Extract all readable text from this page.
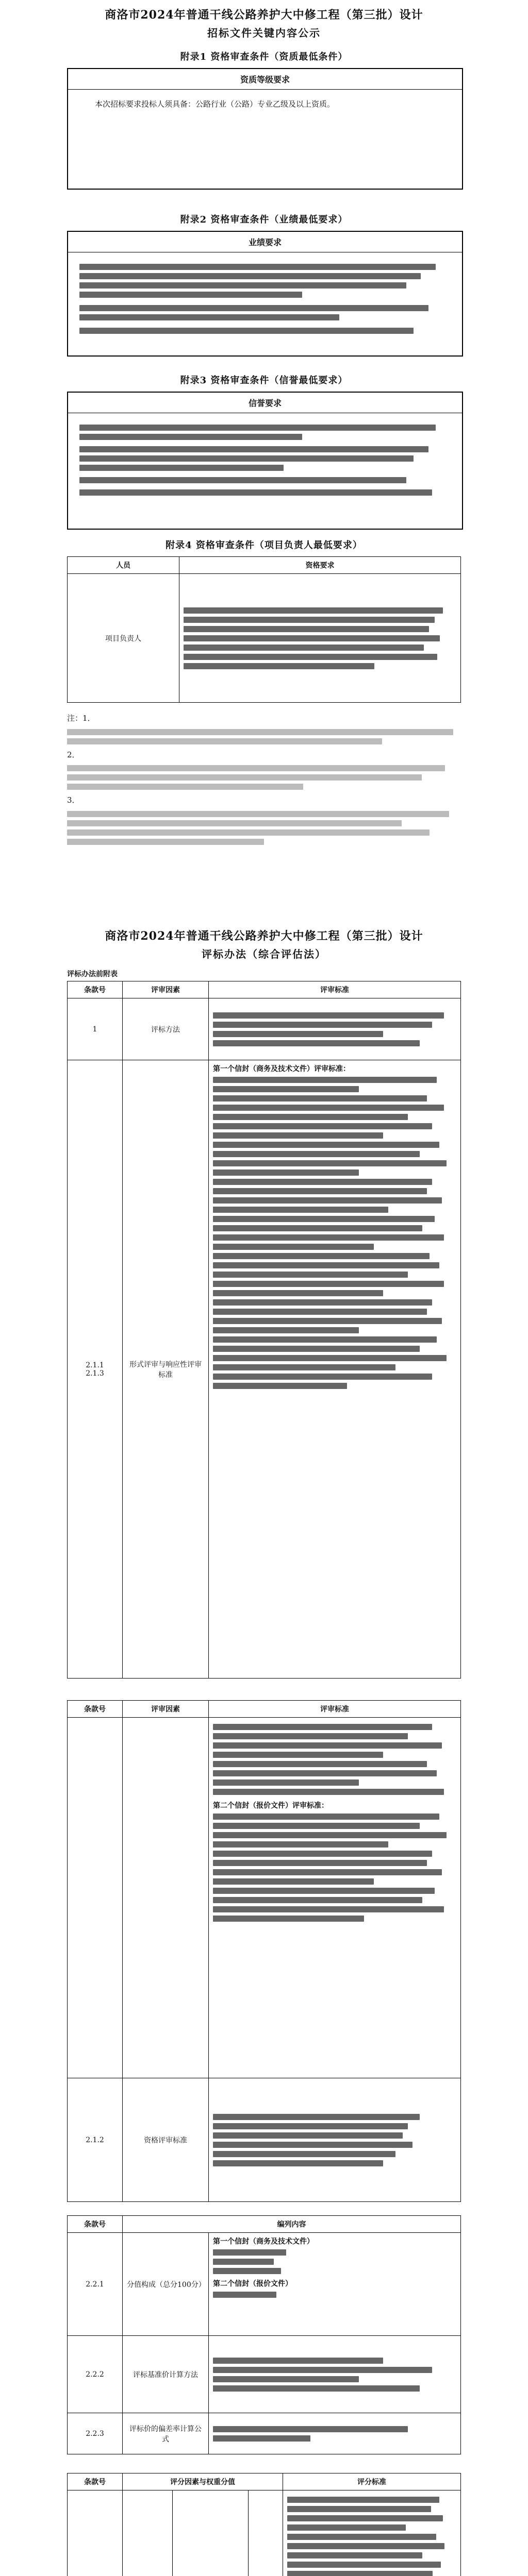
商洛市2024年普通干线公路养护大中修工程（第三批）设计
招标文件关键内容公示
附录1 资格审查条件（资质最低条件）
资质等级要求
本次招标要求投标人须具备：公路行业（公路）专业乙级及以上资质。
附录2 资格审查条件（业绩最低要求）
业绩要求
附录3 资格审查条件（信誉最低要求）
信誉要求
附录4 资格审查条件（项目负责人最低要求）
人员	资格要求
项目负责人	
注：1．
2．
3．
商洛市2024年普通干线公路养护大中修工程（第三批）设计
评标办法（综合评估法）
评标办法前附表
条款号	评审因素	评审标准
1	评标方法	

2.1.1
2.1.3	形式评审与响应性评审标准	第一个信封（商务及技术文件）评审标准：
条款号	评审因素	评审标准

		第二个信封（报价文件）评审标准：

2.1.2	资格评审标准	
条款号	编列内容	
2.2.1	分值构成（总分100分）	第一个信封（商务及技术文件）
第二个信封（报价文件）

2.2.2	评标基准价计算方法	

2.2.3	评标价的偏差率计算公式	
条款号	评分因素与权重分值			评分标准
